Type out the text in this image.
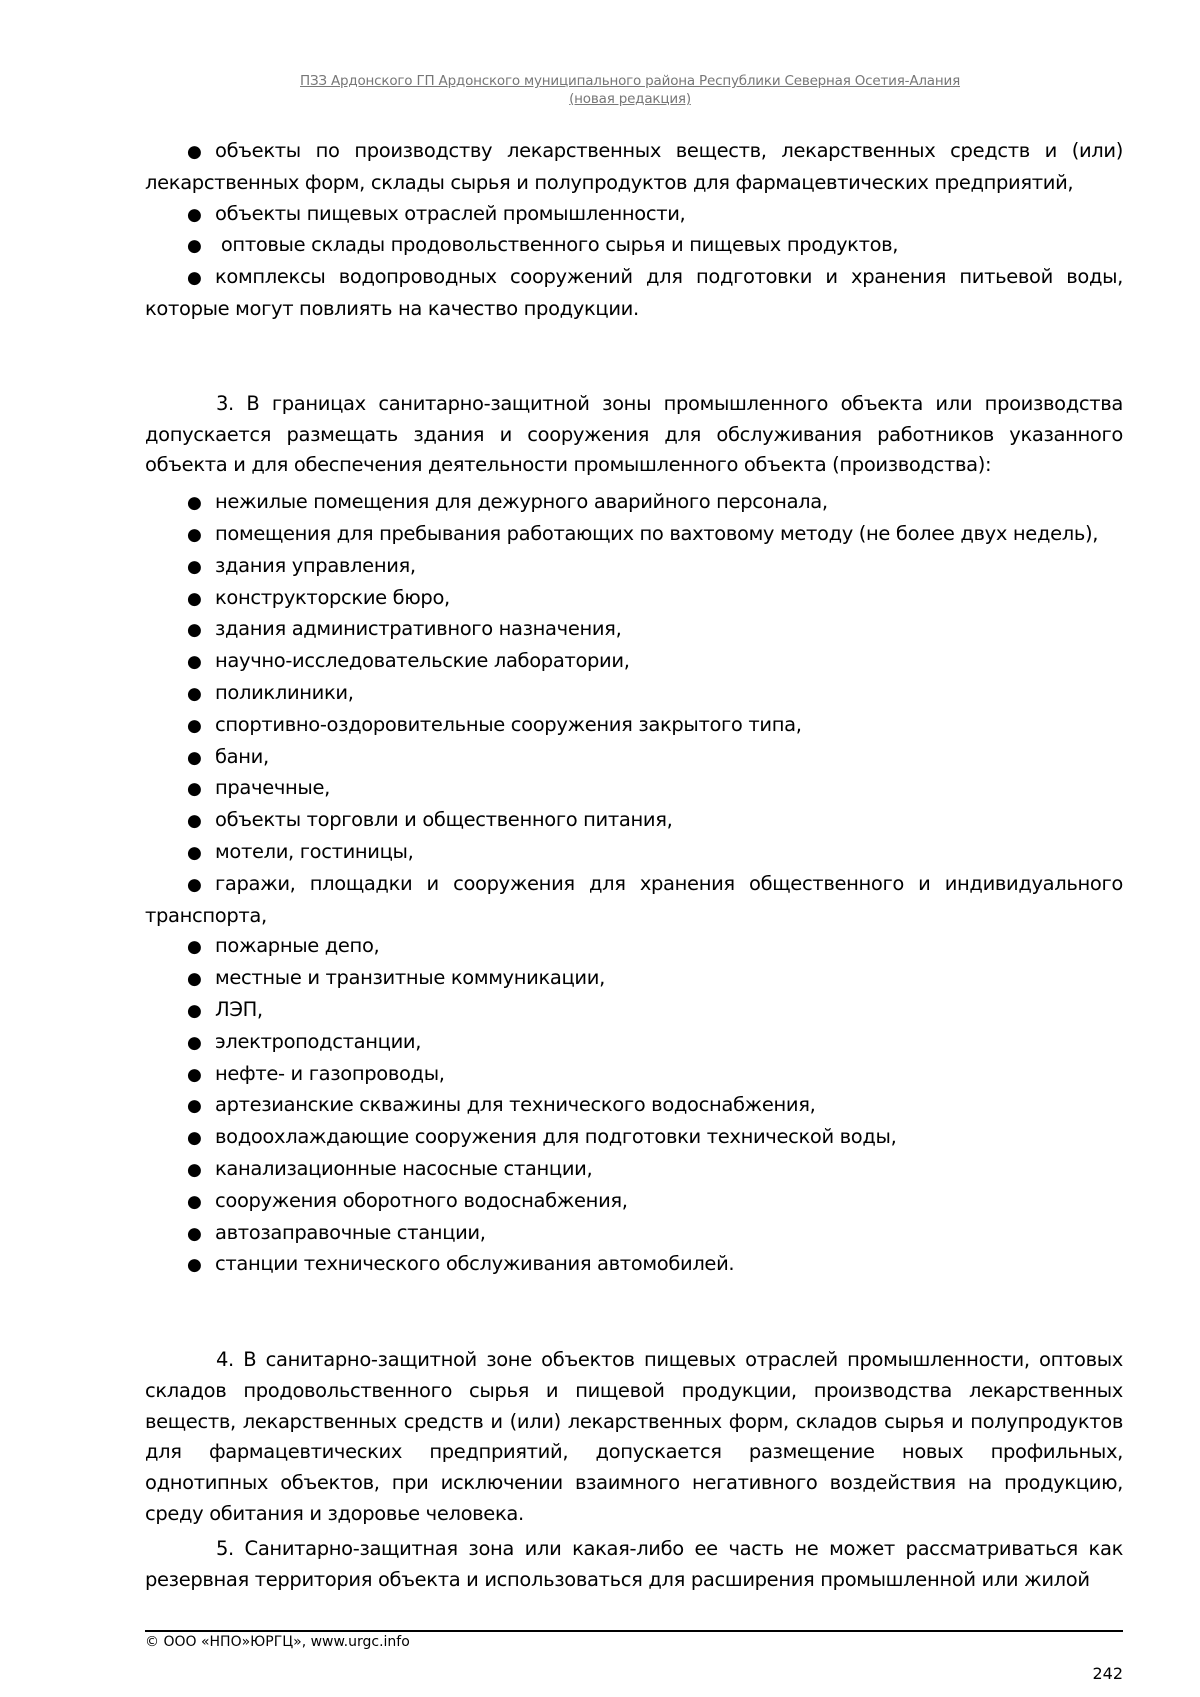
ПЗЗ Ардонского ГП Ардонского муниципального района Республики Северная Осетия-Алания
(новая редакция)

● объекты по производству лекарственных веществ, лекарственных средств и (или) лекарственных форм, склады сырья и полупродуктов для фармацевтических предприятий,

● объекты пищевых отраслей промышленности,

● оптовые склады продовольственного сырья и пищевых продуктов,

● комплексы водопроводных сооружений для подготовки и хранения питьевой воды, которые могут повлиять на качество продукции.

3. В границах санитарно-защитной зоны промышленного объекта или производства допускается размещать здания и сооружения для обслуживания работников указанного объекта и для обеспечения деятельности промышленного объекта (производства):

● нежилые помещения для дежурного аварийного персонала,

● помещения для пребывания работающих по вахтовому методу (не более двух недель),

● здания управления,

● конструкторские бюро,

● здания административного назначения,

● научно-исследовательские лаборатории,

● поликлиники,

● спортивно-оздоровительные сооружения закрытого типа,

● бани,

● прачечные,

● объекты торговли и общественного питания,

● мотели, гостиницы,

● гаражи, площадки и сооружения для хранения общественного и индивидуального транспорта,

● пожарные депо,

● местные и транзитные коммуникации,

● ЛЭП,

● электроподстанции,

● нефте- и газопроводы,

● артезианские скважины для технического водоснабжения,

● водоохлаждающие сооружения для подготовки технической воды,

● канализационные насосные станции,

● сооружения оборотного водоснабжения,

● автозаправочные станции,

● станции технического обслуживания автомобилей.

4. В санитарно-защитной зоне объектов пищевых отраслей промышленности, оптовых складов продовольственного сырья и пищевой продукции, производства лекарственных веществ, лекарственных средств и (или) лекарственных форм, складов сырья и полупродуктов для фармацевтических предприятий, допускается размещение новых профильных, однотипных объектов, при исключении взаимного негативного воздействия на продукцию, среду обитания и здоровье человека.

5. Санитарно-защитная зона или какая-либо ее часть не может рассматриваться как резервная территория объекта и использоваться для расширения промышленной или жилой

© ООО «НПО»ЮРГЦ», www.urgc.info
242
